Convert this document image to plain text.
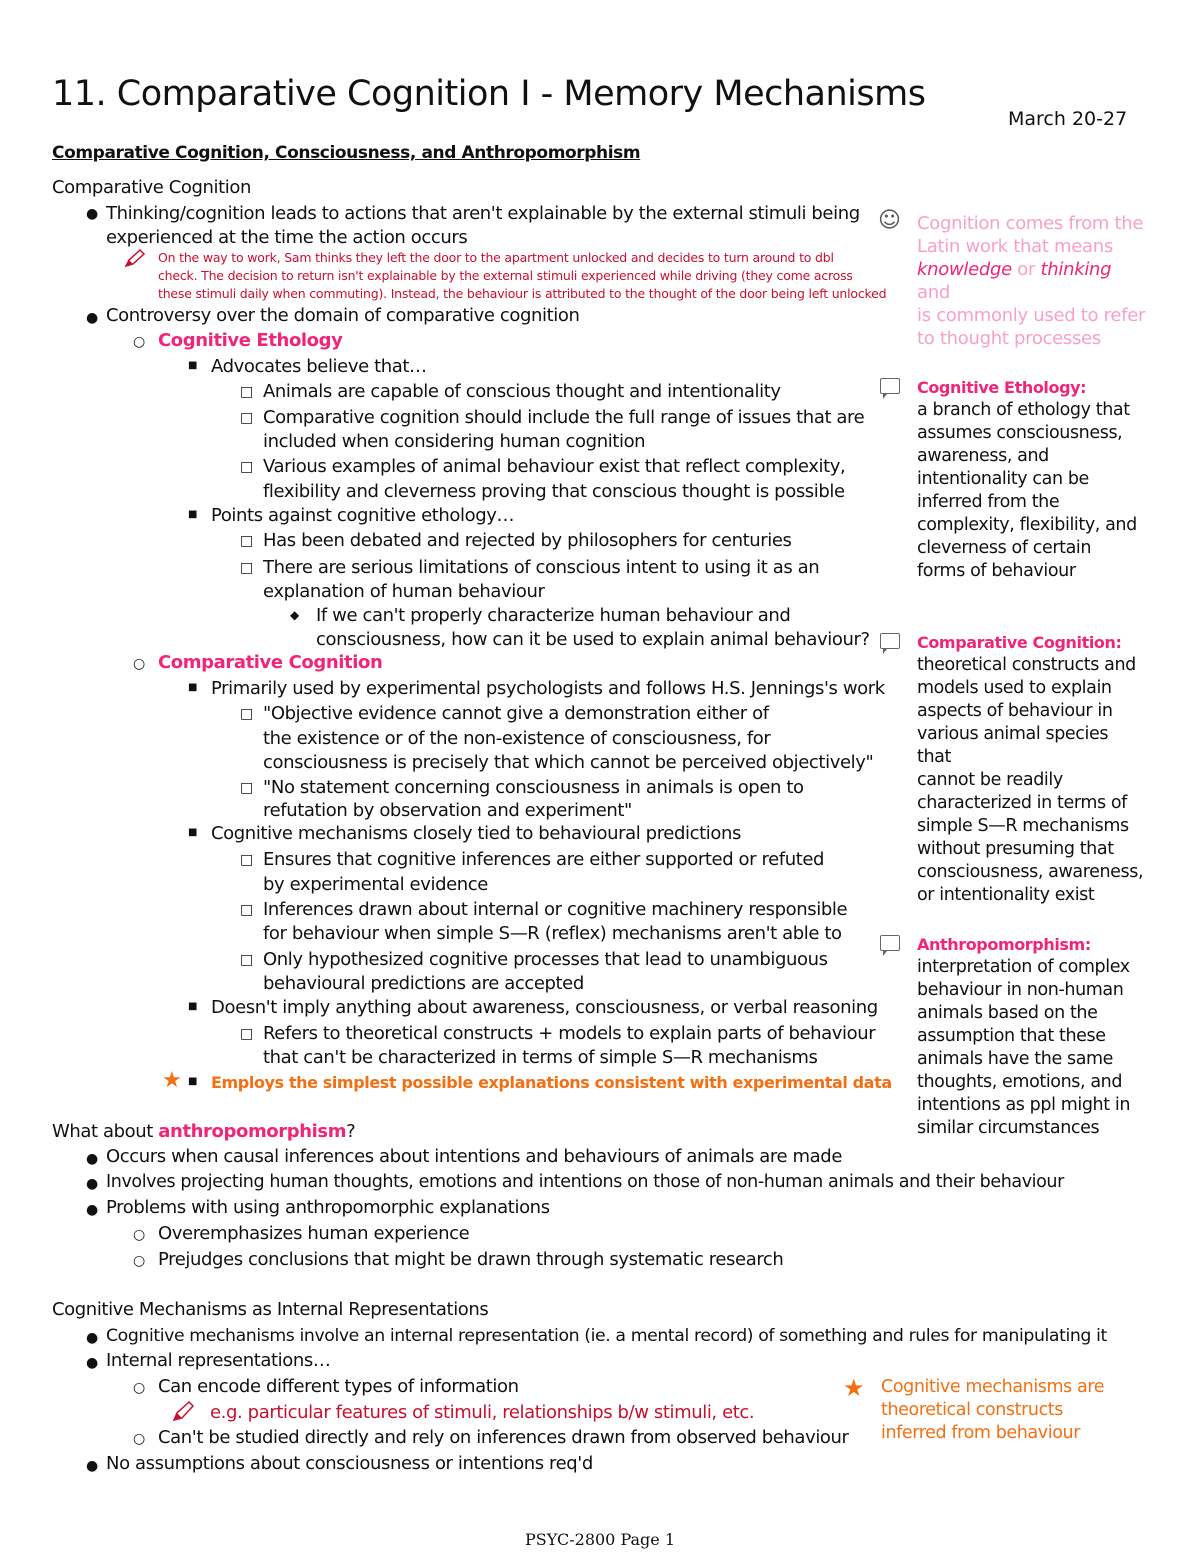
11. Comparative Cognition I - Memory Mechanisms
March 20-27
Comparative Cognition, Consciousness, and Anthropomorphism
Comparative Cognition
● Thinking/cognition leads to actions that aren't explainable by the external stimuli being
experienced at the time the action occurs
On the way to work, Sam thinks they left the door to the apartment unlocked and decides to turn around to dbl
check. The decision to return isn't explainable by the external stimuli experienced while driving (they come across
these stimuli daily when commuting). Instead, the behaviour is attributed to the thought of the door being left unlocked
● Controversy over the domain of comparative cognition
○ Cognitive Ethology
■ Advocates believe that…
□ Animals are capable of conscious thought and intentionality
□ Comparative cognition should include the full range of issues that are
included when considering human cognition
□ Various examples of animal behaviour exist that reflect complexity,
flexibility and cleverness proving that conscious thought is possible
■ Points against cognitive ethology…
□ Has been debated and rejected by philosophers for centuries
□ There are serious limitations of conscious intent to using it as an
explanation of human behaviour
◆ If we can't properly characterize human behaviour and
consciousness, how can it be used to explain animal behaviour?
○ Comparative Cognition
■ Primarily used by experimental psychologists and follows H.S. Jennings's work
□ "Objective evidence cannot give a demonstration either of
the existence or of the non-existence of consciousness, for
consciousness is precisely that which cannot be perceived objectively"
□ "No statement concerning consciousness in animals is open to
refutation by observation and experiment"
■ Cognitive mechanisms closely tied to behavioural predictions
□ Ensures that cognitive inferences are either supported or refuted
by experimental evidence
□ Inferences drawn about internal or cognitive machinery responsible
for behaviour when simple S—R (reflex) mechanisms aren't able to
□ Only hypothesized cognitive processes that lead to unambiguous
behavioural predictions are accepted
■ Doesn't imply anything about awareness, consciousness, or verbal reasoning
□ Refers to theoretical constructs + models to explain parts of behaviour
that can't be characterized in terms of simple S—R mechanisms
★ ■ Employs the simplest possible explanations consistent with experimental data
What about anthropomorphism?
● Occurs when causal inferences about intentions and behaviours of animals are made
● Involves projecting human thoughts, emotions and intentions on those of non-human animals and their behaviour
● Problems with using anthropomorphic explanations
○ Overemphasizes human experience
○ Prejudges conclusions that might be drawn through systematic research
Cognitive Mechanisms as Internal Representations
● Cognitive mechanisms involve an internal representation (ie. a mental record) of something and rules for manipulating it
● Internal representations…
○ Can encode different types of information
e.g. particular features of stimuli, relationships b/w stimuli, etc.
○ Can't be studied directly and rely on inferences drawn from observed behaviour
● No assumptions about consciousness or intentions req'd
☺ Cognition comes from the
Latin work that means
knowledge or thinking and
is commonly used to refer
to thought processes
Cognitive Ethology:
a branch of ethology that
assumes consciousness,
awareness, and
intentionality can be
inferred from the
complexity, flexibility, and
cleverness of certain
forms of behaviour
Comparative Cognition:
theoretical constructs and
models used to explain
aspects of behaviour in
various animal species that
cannot be readily
characterized in terms of
simple S—R mechanisms
without presuming that
consciousness, awareness,
or intentionality exist
Anthropomorphism:
interpretation of complex
behaviour in non-human
animals based on the
assumption that these
animals have the same
thoughts, emotions, and
intentions as ppl might in
similar circumstances
★ Cognitive mechanisms are
theoretical constructs
inferred from behaviour
PSYC-2800 Page 1
